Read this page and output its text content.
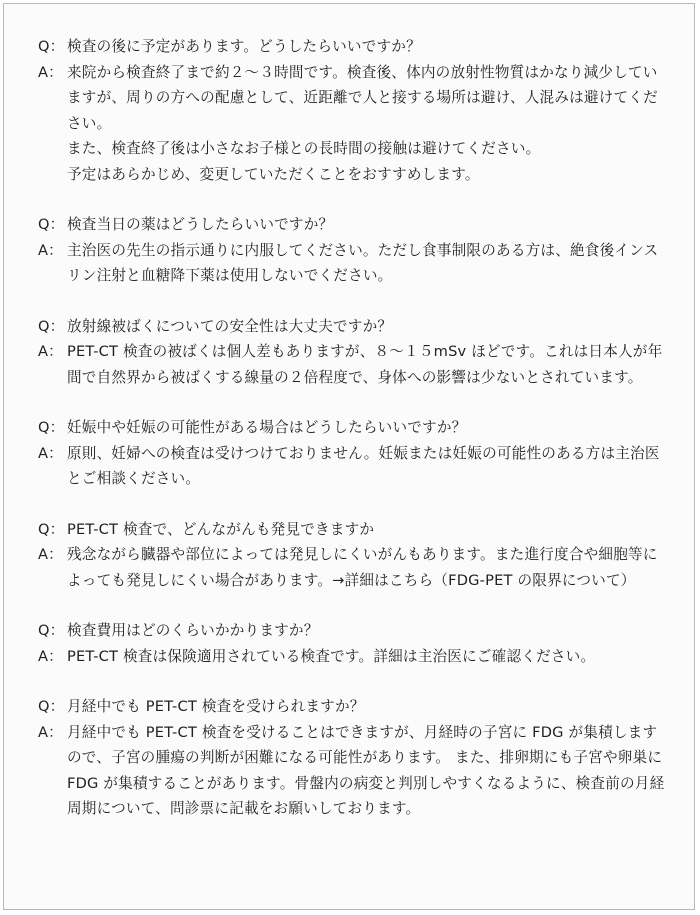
Q： 検査の後に予定があります。どうしたらいいですか？
A： 来院から検査終了まで約２～３時間です。検査後、体内の放射性物質はかなり減少していますが、周りの方への配慮として、近距離で人と接する場所は避け、人混みは避けてください。
また、検査終了後は小さなお子様との長時間の接触は避けてください。
予定はあらかじめ、変更していただくことをおすすめします。
Q： 検査当日の薬はどうしたらいいですか？
A： 主治医の先生の指示通りに内服してください。ただし食事制限のある方は、絶食後インスリン注射と血糖降下薬は使用しないでください。
Q： 放射線被ばくについての安全性は大丈夫ですか？
A： PET-CT 検査の被ばくは個人差もありますが、８～１５mSv ほどです。これは日本人が年間で自然界から被ばくする線量の２倍程度で、身体への影響は少ないとされています。
Q： 妊娠中や妊娠の可能性がある場合はどうしたらいいですか？
A： 原則、妊婦への検査は受けつけておりません。妊娠または妊娠の可能性のある方は主治医とご相談ください。
Q： PET-CT 検査で、どんながんも発見できますか
A： 残念ながら臓器や部位によっては発見しにくいがんもあります。また進行度合や細胞等によっても発見しにくい場合があります。→詳細はこちら（FDG-PET の限界について）
Q： 検査費用はどのくらいかかりますか？
A： PET-CT 検査は保険適用されている検査です。詳細は主治医にご確認ください。
Q： 月経中でも PET-CT 検査を受けられますか？
A： 月経中でも PET-CT 検査を受けることはできますが、月経時の子宮に FDG が集積しますので、子宮の腫瘍の判断が困難になる可能性があります。 また、排卵期にも子宮や卵巣に FDG が集積することがあります。骨盤内の病変と判別しやすくなるように、検査前の月経周期について、問診票に記載をお願いしております。
